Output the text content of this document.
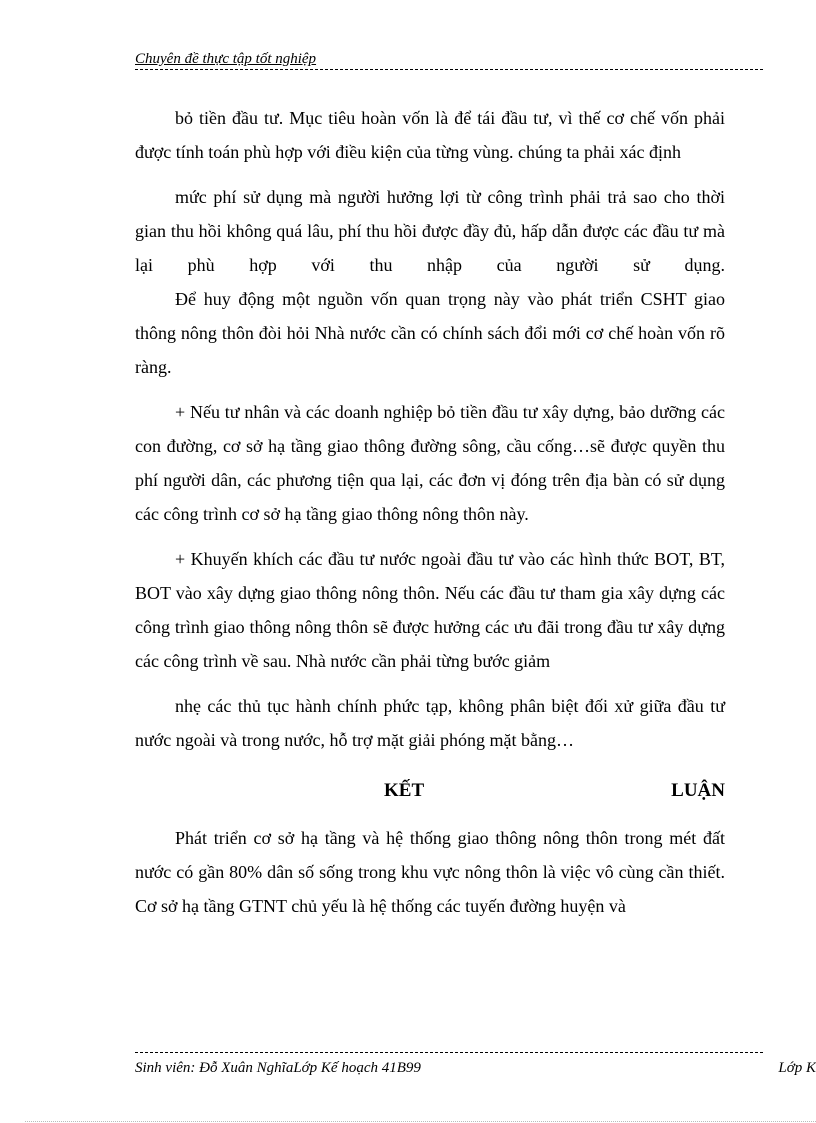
Chuyên đề thực tập tốt nghiệp

bỏ tiền đầu tư. Mục tiêu hoàn vốn là để tái đầu tư, vì thế cơ chế vốn phải được tính toán phù hợp với điều kiện của từng vùng. chúng ta phải xác định

mức phí sử dụng mà người hưởng lợi từ công trình phải trả sao cho thời gian thu hồi không quá lâu, phí thu hồi được đầy đủ, hấp dẫn được các đầu tư mà lại phù hợp với thu nhập của người sử dụng.

Để huy động một nguồn vốn quan trọng này vào phát triển CSHT giao thông nông thôn đòi hỏi Nhà nước cần có chính sách đổi mới cơ chế hoàn vốn rõ ràng.

+ Nếu tư nhân và các doanh nghiệp bỏ tiền đầu tư xây dựng, bảo dưỡng các con đường, cơ sở hạ tầng giao thông đường sông, cầu cống…sẽ được quyền thu phí người dân, các phương tiện qua lại, các đơn vị đóng trên địa bàn có sử dụng các công trình cơ sở hạ tầng giao thông nông thôn này.

+ Khuyến khích các đầu tư nước ngoài đầu tư vào các hình thức BOT, BT, BOT vào xây dựng giao thông nông thôn. Nếu các đầu tư tham gia xây dựng các công trình giao thông nông thôn sẽ được hưởng các ưu đãi trong đầu tư xây dựng các công trình về sau. Nhà nước cần phải từng bước giảm

nhẹ các thủ tục hành chính phức tạp, không phân biệt đối xử giữa đầu tư nước ngoài và trong nước, hỗ trợ mặt giải phóng mặt bằng…

KẾT	LUẬN

Phát triển cơ sở hạ tầng và hệ thống giao thông nông thôn trong mét đất nước có gần 80% dân số sống trong khu vực nông thôn là việc vô cùng cần thiết. Cơ sở hạ tầng GTNT chủ yếu là hệ thống các tuyến đường huyện và

Sinh viên: Đỗ Xuân NghĩaLớp Kế hoạch 41B99	Lớp K
